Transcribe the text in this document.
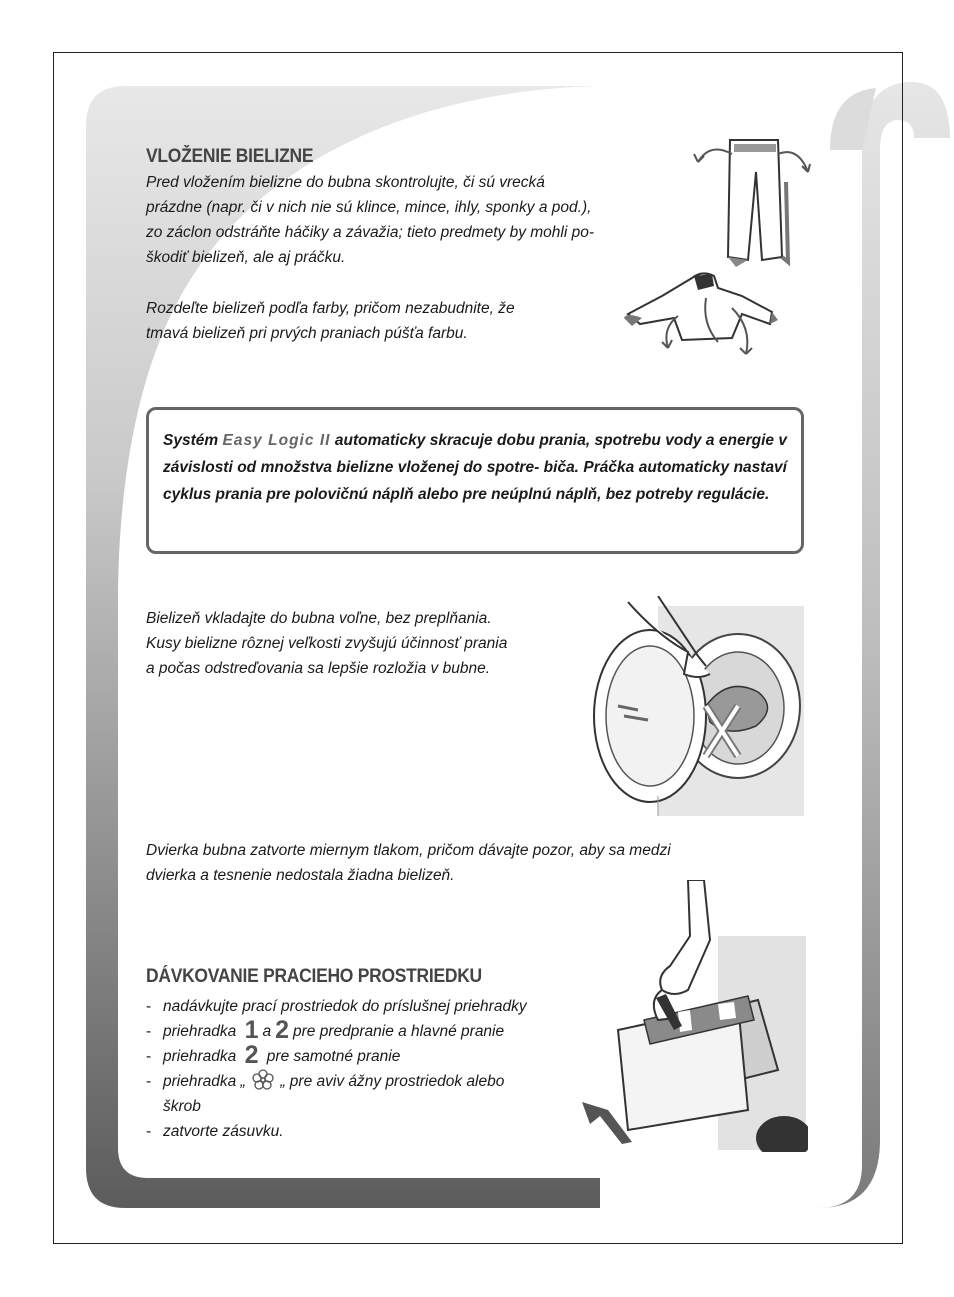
VLOŽENIE BIELIZNE

Pred vložením bielizne do bubna skontrolujte, či sú vrecká

prázdne (napr. či v nich nie sú klince, mince, ihly, sponky a pod.),

zo záclon odstráňte háčiky a závažia; tieto predmety by mohli po-

škodiť bielizeň, ale aj práčku.

Rozdeľte bielizeň podľa farby, pričom nezabudnite, že

tmavá bielizeň pri prvých praniach púšťa farbu.

Systém Easy Logic II automaticky skracuje dobu prania, spotrebu vody a energie v závislosti od množstva bielizne vloženej do spotre- biča. Práčka automaticky nastaví cyklus prania pre polovičnú náplň alebo pre neúplnú náplň, bez potreby regulácie.

Bielizeň vkladajte do bubna voľne, bez preplňania.

Kusy bielizne rôznej veľkosti zvyšujú účinnosť prania

a počas odstreďovania sa lepšie rozložia v bubne.

Dvierka bubna zatvorte miernym tlakom, pričom dávajte pozor, aby sa medzi

dvierka a tesnenie nedostala žiadna bielizeň.

DÁVKOVANIE PRACIEHO PROSTRIEDKU
- nadávkujte prací prostriedok do príslušnej priehradky
- priehradka 1 a 2 pre predpranie a hlavné pranie
- priehradka 2 pre samotné pranie
- priehradka „ „ pre aviv ážny prostriedok alebo
škrob
- zatvorte zásuvku.
